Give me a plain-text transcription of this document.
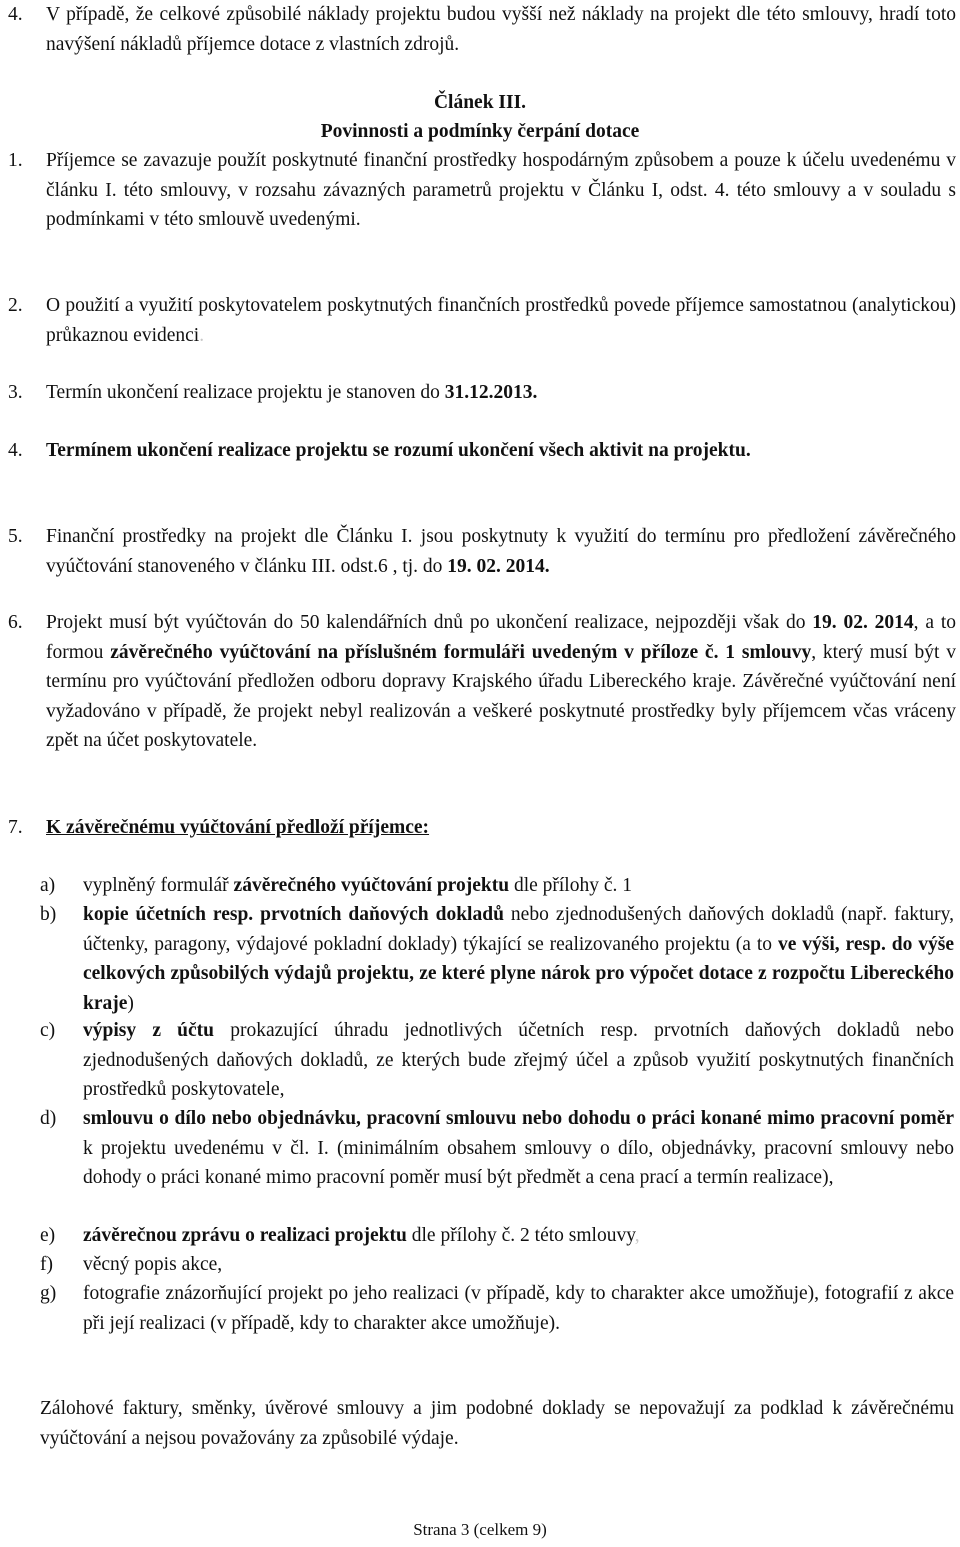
4.	V případě, že celkové způsobilé náklady projektu budou vyšší než náklady na projekt dle této smlouvy, hradí toto navýšení nákladů příjemce dotace z vlastních zdrojů.
Článek III.
Povinnosti a podmínky čerpání dotace
1.	Příjemce se zavazuje použít poskytnuté finanční prostředky hospodárným způsobem a pouze k účelu uvedenému v článku I. této smlouvy, v rozsahu závazných parametrů projektu v Článku I, odst. 4. této smlouvy a v souladu s podmínkami v této smlouvě uvedenými.
2.	O použití a využití poskytovatelem poskytnutých finančních prostředků povede příjemce samostatnou (analytickou) průkaznou evidenci.
3.	Termín ukončení realizace projektu je stanoven do 31.12.2013.
4.	Termínem ukončení realizace projektu se rozumí ukončení všech aktivit na projektu.
5.	Finanční prostředky na projekt dle Článku I. jsou poskytnuty k využití do termínu pro předložení závěrečného vyúčtování stanoveného v článku III. odst.6 , tj. do 19. 02. 2014.
6.	Projekt musí být vyúčtován do 50 kalendářních dnů po ukončení realizace, nejpozději však do 19. 02. 2014, a to formou závěrečného vyúčtování na příslušném formuláři uvedeným v příloze č. 1 smlouvy, který musí být v termínu pro vyúčtování předložen odboru dopravy Krajského úřadu Libereckého kraje. Závěrečné vyúčtování není vyžadováno v případě, že projekt nebyl realizován a veškeré poskytnuté prostředky byly příjemcem včas vráceny zpět na účet poskytovatele.
7.	K závěrečnému vyúčtování předloží příjemce:
a)	vyplněný formulář závěrečného vyúčtování projektu dle přílohy č. 1
b)	kopie účetních resp. prvotních daňových dokladů nebo zjednodušených daňových dokladů (např. faktury, účtenky, paragony, výdajové pokladní doklady) týkající se realizovaného projektu (a to ve výši, resp. do výše celkových způsobilých výdajů projektu, ze které plyne nárok pro výpočet dotace z rozpočtu Libereckého kraje)
c)	výpisy z účtu prokazující úhradu jednotlivých účetních resp. prvotních daňových dokladů nebo zjednodušených daňových dokladů, ze kterých bude zřejmý účel a způsob využití poskytnutých finančních prostředků poskytovatele,
d)	smlouvu o dílo nebo objednávku, pracovní smlouvu nebo dohodu o práci konané mimo pracovní poměr k projektu uvedenému v čl. I. (minimálním obsahem smlouvy o dílo, objednávky, pracovní smlouvy nebo dohody o práci konané mimo pracovní poměr musí být předmět a cena prací a termín realizace),
e)	závěrečnou zprávu o realizaci projektu dle přílohy č. 2 této smlouvy,
f)	věcný popis akce,
g)	fotografie znázorňující projekt po jeho realizaci (v případě, kdy to charakter akce umožňuje), fotografií z akce při její realizaci (v případě, kdy to charakter akce umožňuje).
Zálohové faktury, směnky, úvěrové smlouvy a jim podobné doklady se nepovažují za podklad k závěrečnému vyúčtování a nejsou považovány za způsobilé výdaje.
Strana 3 (celkem 9)
